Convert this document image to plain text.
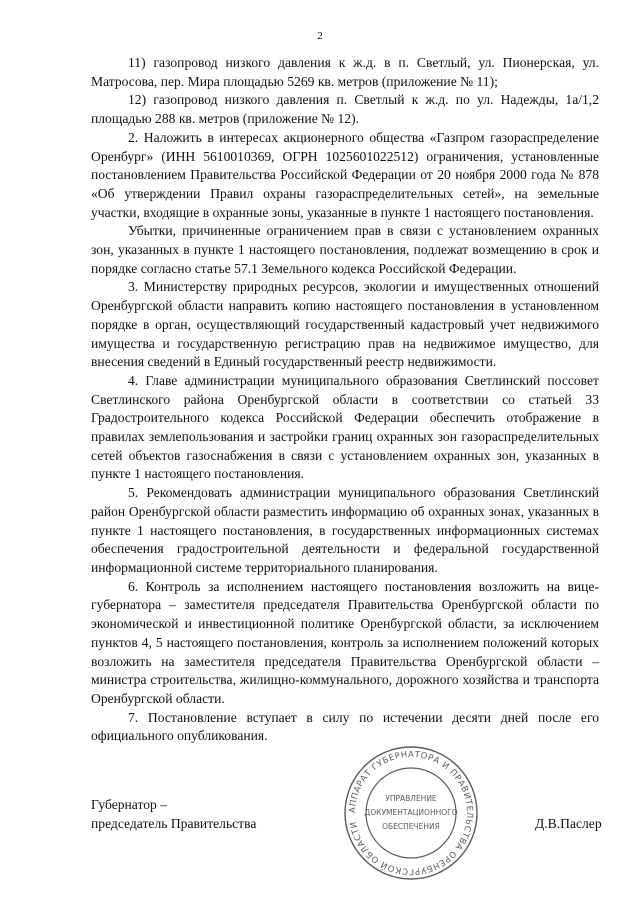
2

11) газопровод низкого давления к ж.д. в п. Светлый, ул. Пионерская, ул. Матросова, пер. Мира площадью 5269 кв. метров (приложение № 11);

12) газопровод низкого давления п. Светлый к ж.д. по ул. Надежды, 1а/1,2 площадью 288 кв. метров (приложение № 12).

2. Наложить в интересах акционерного общества «Газпром газораспределение Оренбург» (ИНН 5610010369, ОГРН 1025601022512) ограничения, установленные постановлением Правительства Российской Федерации от 20 ноября 2000 года № 878 «Об утверждении Правил охраны газораспределительных сетей», на земельные участки, входящие в охранные зоны, указанные в пункте 1 настоящего постановления.

Убытки, причиненные ограничением прав в связи с установлением охранных зон, указанных в пункте 1 настоящего постановления, подлежат возмещению в срок и порядке согласно статье 57.1 Земельного кодекса Российской Федерации.

3. Министерству природных ресурсов, экологии и имущественных отношений Оренбургской области направить копию настоящего постановления в установленном порядке в орган, осуществляющий государственный кадастровый учет недвижимого имущества и государственную регистрацию прав на недвижимое имущество, для внесения сведений в Единый государственный реестр недвижимости.

4. Главе администрации муниципального образования Светлинский поссовет Светлинского района Оренбургской области в соответствии со статьей 33 Градостроительного кодекса Российской Федерации обеспечить отображение в правилах землепользования и застройки границ охранных зон газораспределительных сетей объектов газоснабжения в связи с установлением охранных зон, указанных в пункте 1 настоящего постановления.

5. Рекомендовать администрации муниципального образования Светлинский район Оренбургской области разместить информацию об охранных зонах, указанных в пункте 1 настоящего постановления, в государственных информационных системах обеспечения градостроительной деятельности и федеральной государственной информационной системе территориального планирования.

6. Контроль за исполнением настоящего постановления возложить на вице-губернатора – заместителя председателя Правительства Оренбургской области по экономической и инвестиционной политике Оренбургской области, за исключением пунктов 4, 5 настоящего постановления, контроль за исполнением положений которых возложить на заместителя председателя Правительства Оренбургской области – министра строительства, жилищно-коммунального, дорожного хозяйства и транспорта Оренбургской области.

7. Постановление вступает в силу по истечении десяти дней после его официального опубликования.

Губернатор –
председатель Правительства	Д.В.Паслер
АППАРАТ ГУБЕРНАТОРА И ПРАВИТЕЛЬСТВА ОРЕНБУРГСКОЙ ОБЛАСТИ
УПРАВЛЕНИЕ
ДОКУМЕНТАЦИОННОГО
ОБЕСПЕЧЕНИЯ
